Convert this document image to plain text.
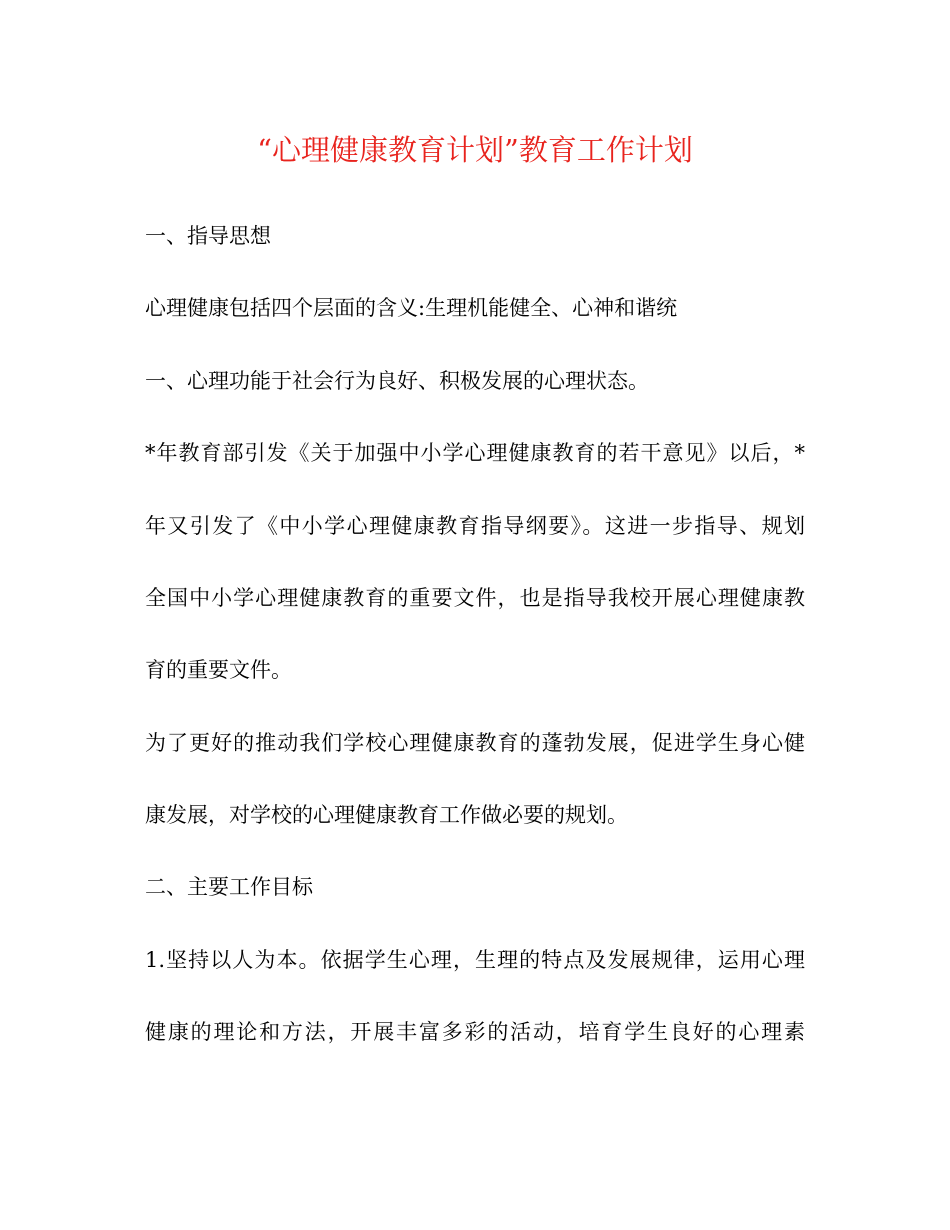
“心理健康教育计划”教育工作计划
一、指导思想
心理健康包括四个层面的含义:生理机能健全、心神和谐统
一、心理功能于社会行为良好、积极发展的心理状态。
*年教育部引发《关于加强中小学心理健康教育的若干意见》以后，*
年又引发了《中小学心理健康教育指导纲要》。这进一步指导、规划
全国中小学心理健康教育的重要文件，也是指导我校开展心理健康教
育的重要文件。
为了更好的推动我们学校心理健康教育的蓬勃发展，促进学生身心健
康发展，对学校的心理健康教育工作做必要的规划。
二、主要工作目标
1.坚持以人为本。依据学生心理，生理的特点及发展规律，运用心理
健康的理论和方法，开展丰富多彩的活动，培育学生良好的心理素
